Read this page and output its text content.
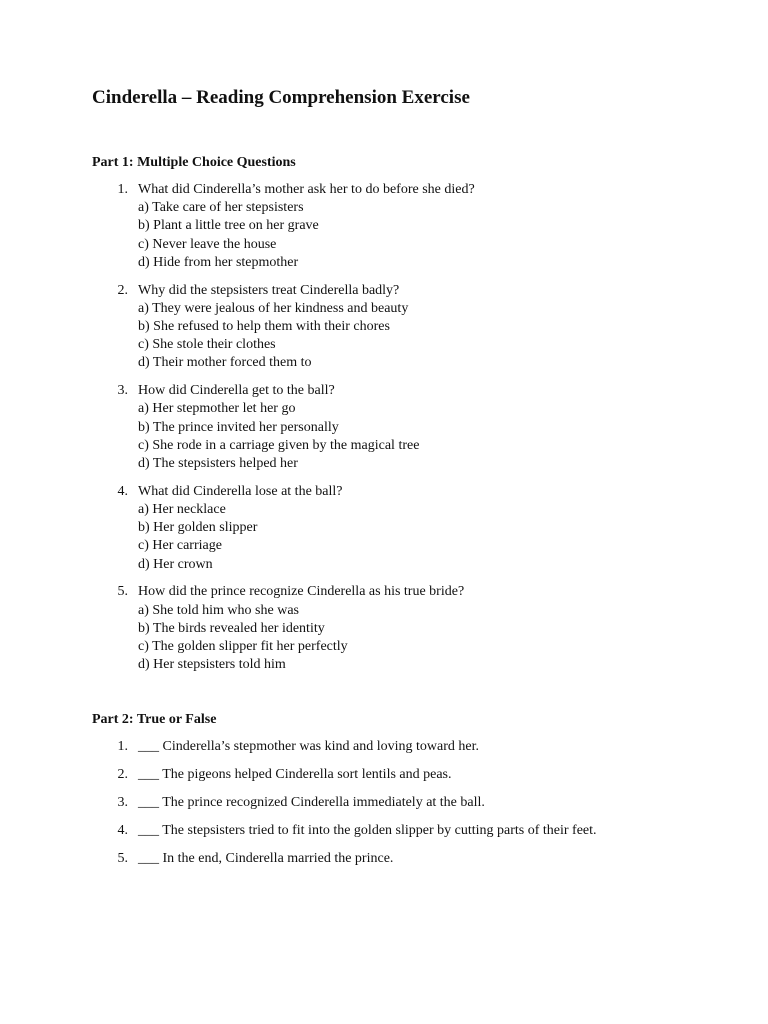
Cinderella – Reading Comprehension Exercise
Part 1: Multiple Choice Questions
1. What did Cinderella’s mother ask her to do before she died?
a) Take care of her stepsisters
b) Plant a little tree on her grave
c) Never leave the house
d) Hide from her stepmother
2. Why did the stepsisters treat Cinderella badly?
a) They were jealous of her kindness and beauty
b) She refused to help them with their chores
c) She stole their clothes
d) Their mother forced them to
3. How did Cinderella get to the ball?
a) Her stepmother let her go
b) The prince invited her personally
c) She rode in a carriage given by the magical tree
d) The stepsisters helped her
4. What did Cinderella lose at the ball?
a) Her necklace
b) Her golden slipper
c) Her carriage
d) Her crown
5. How did the prince recognize Cinderella as his true bride?
a) She told him who she was
b) The birds revealed her identity
c) The golden slipper fit her perfectly
d) Her stepsisters told him
Part 2: True or False
1. ___ Cinderella’s stepmother was kind and loving toward her.
2. ___ The pigeons helped Cinderella sort lentils and peas.
3. ___ The prince recognized Cinderella immediately at the ball.
4. ___ The stepsisters tried to fit into the golden slipper by cutting parts of their feet.
5. ___ In the end, Cinderella married the prince.
